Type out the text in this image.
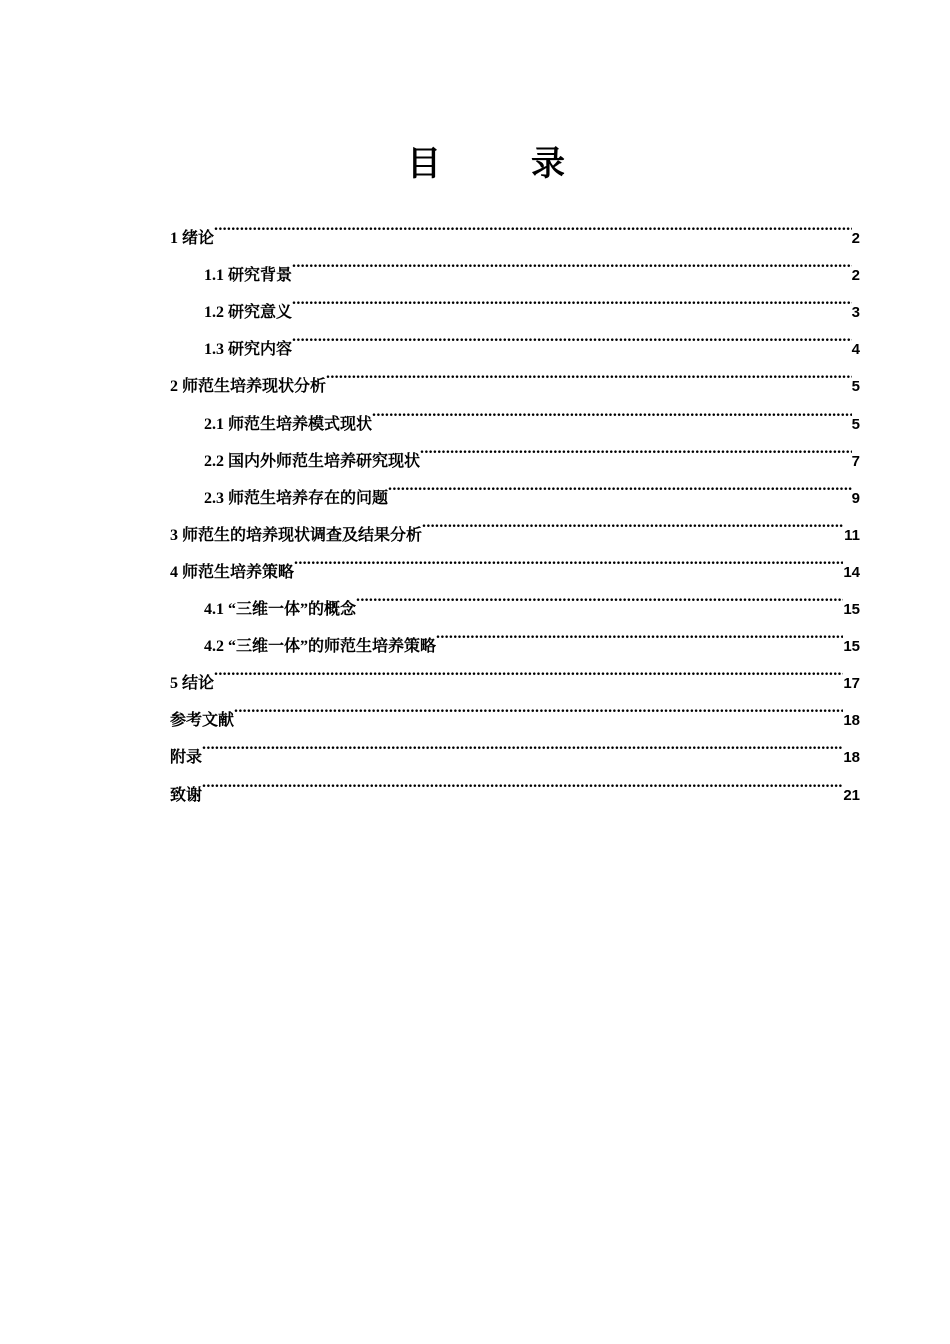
目　录
1 绪论 .....	2
1.1 研究背景 .....	2
1.2 研究意义 .....	3
1.3 研究内容 .....	4
2 师范生培养现状分析 .....	5
2.1 师范生培养模式现状 .....	5
2.2 国内外师范生培养研究现状 .....	7
2.3 师范生培养存在的问题 .....	9
3 师范生的培养现状调查及结果分析 .....	11
4 师范生培养策略 .....	14
4.1 “三维一体”的概念 .....	15
4.2 “三维一体”的师范生培养策略 .....	15
5 结论 .....	17
参考文献 .....	18
附录 .....	18
致谢 .....	21
